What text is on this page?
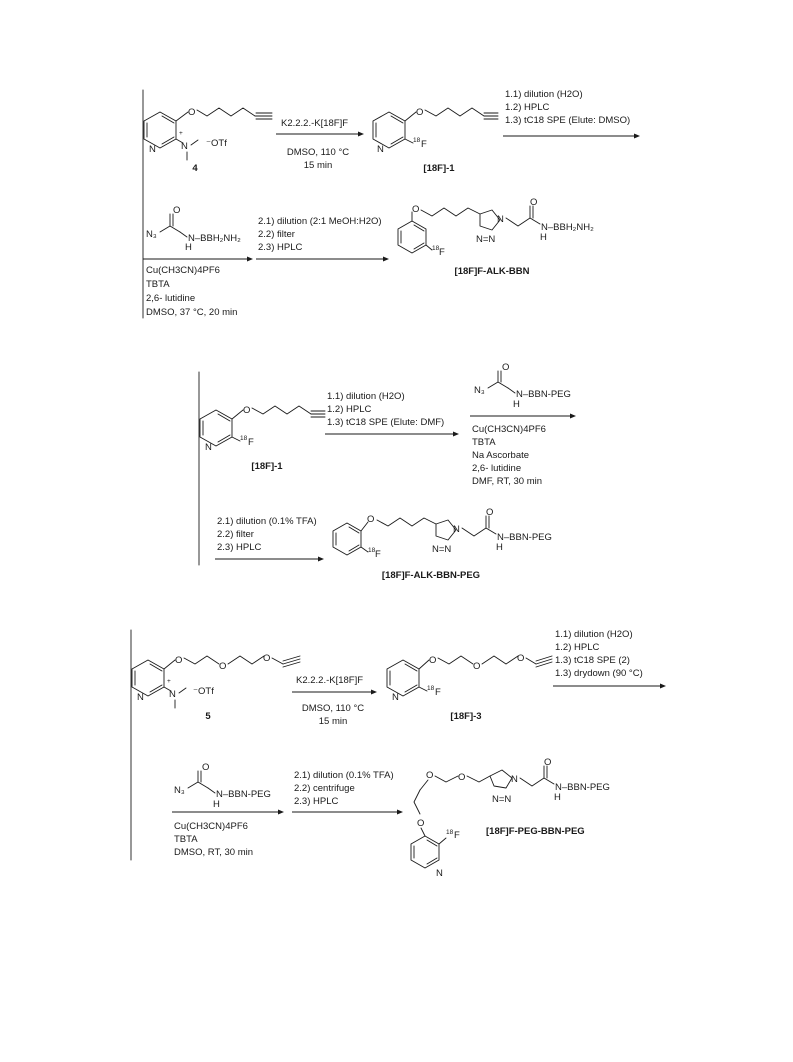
N
O
+
N ⁻OTf
4
K2.2.2.-K[18F]F
DMSO, 110 °C
15 min
N
O
18 F
[18F]-1
1.1) dilution (H2O)
1.2) HPLC
1.3) tC18 SPE (Elute: DMSO)
N₃
O
N–BBH₂NH₂
H
Cu(CH3CN)4PF6
TBTA
2,6- lutidine
DMSO, 37 °C, 20 min
2.1) dilution (2:1 MeOH:H2O)
2.2) filter
2.3) HPLC
O
18 F
N=N
N
O
N–BBH₂NH₂
H
[18F]F-ALK-BBN
N
O
18 F
[18F]-1
1.1) dilution (H2O)
1.2) HPLC
1.3) tC18 SPE (Elute: DMF)
N₃
O
N–BBN-PEG
H
Cu(CH3CN)4PF6
TBTA
Na Ascorbate
2,6- lutidine
DMF, RT, 30 min
2.1) dilution (0.1% TFA)
2.2) filter
2.3) HPLC
O
18 F	N=N
N
O
N–BBN-PEG
H
[18F]F-ALK-BBN-PEG
N
O
O
O
+
N ⁻OTf
5
K2.2.2.-K[18F]F
DMSO, 110 °C
15 min
N
O
O
O
18 F
[18F]-3
1.1) dilution (H2O)
1.2) HPLC
1.3) tC18 SPE (2)
1.3) drydown (90 °C)
N₃
O
N–BBN-PEG
H
Cu(CH3CN)4PF6
TBTA
DMSO, RT, 30 min
2.1) dilution (0.1% TFA)
2.2) centrifuge
2.3) HPLC
O	O
N=N
N
O
N–BBN-PEG
H
O
N
18 F	[18F]F-PEG-BBN-PEG
